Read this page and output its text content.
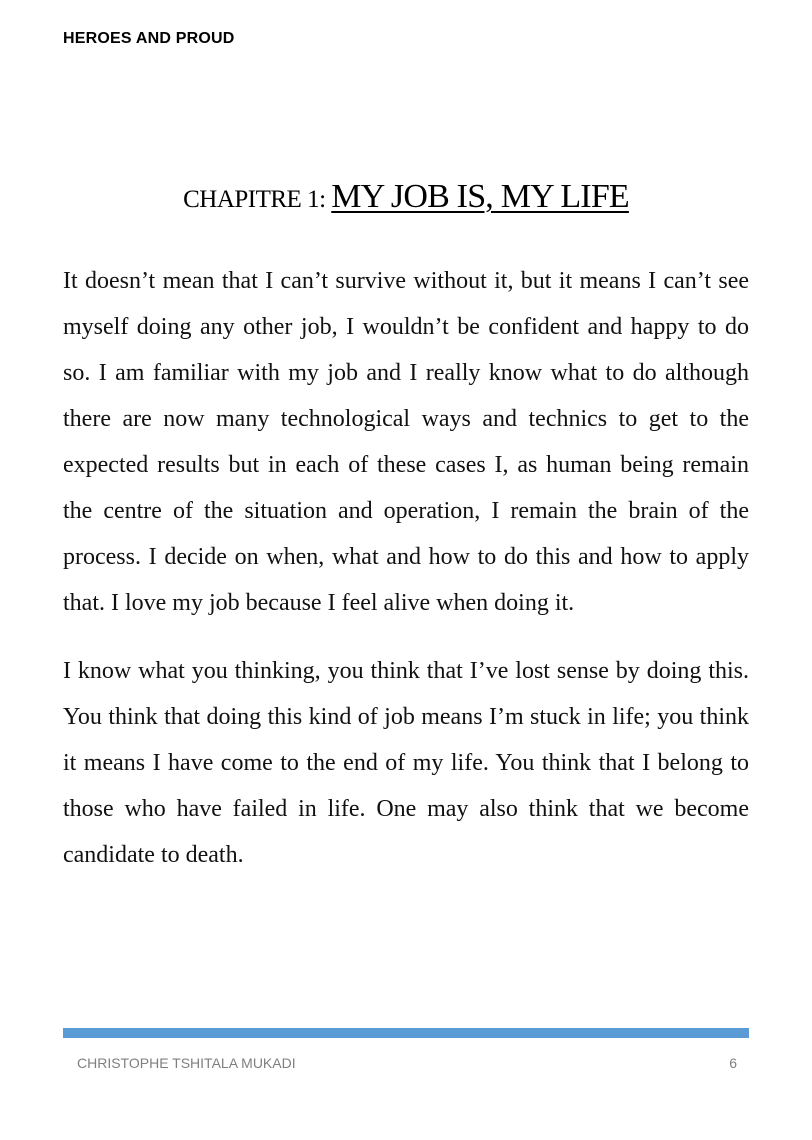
HEROES AND PROUD
CHAPITRE 1: MY JOB IS, MY LIFE

It doesn’t mean that I can’t survive without it, but it means I can’t see myself doing any other job, I wouldn’t be confident and happy to do so. I am familiar with my job and I really know what to do although there are now many technological ways and technics to get to the expected results but in each of these cases I, as human being remain the centre of the situation and operation, I remain the brain of the process. I decide on when, what and how to do this and how to apply that. I love my job because I feel alive when doing it.

I know what you thinking, you think that I’ve lost sense by doing this. You think that doing this kind of job means I’m stuck in life; you think it means I have come to the end of my life. You think that I belong to those who have failed in life. One may also think that we become candidate to death.

CHRISTOPHE TSHITALA MUKADI	6
